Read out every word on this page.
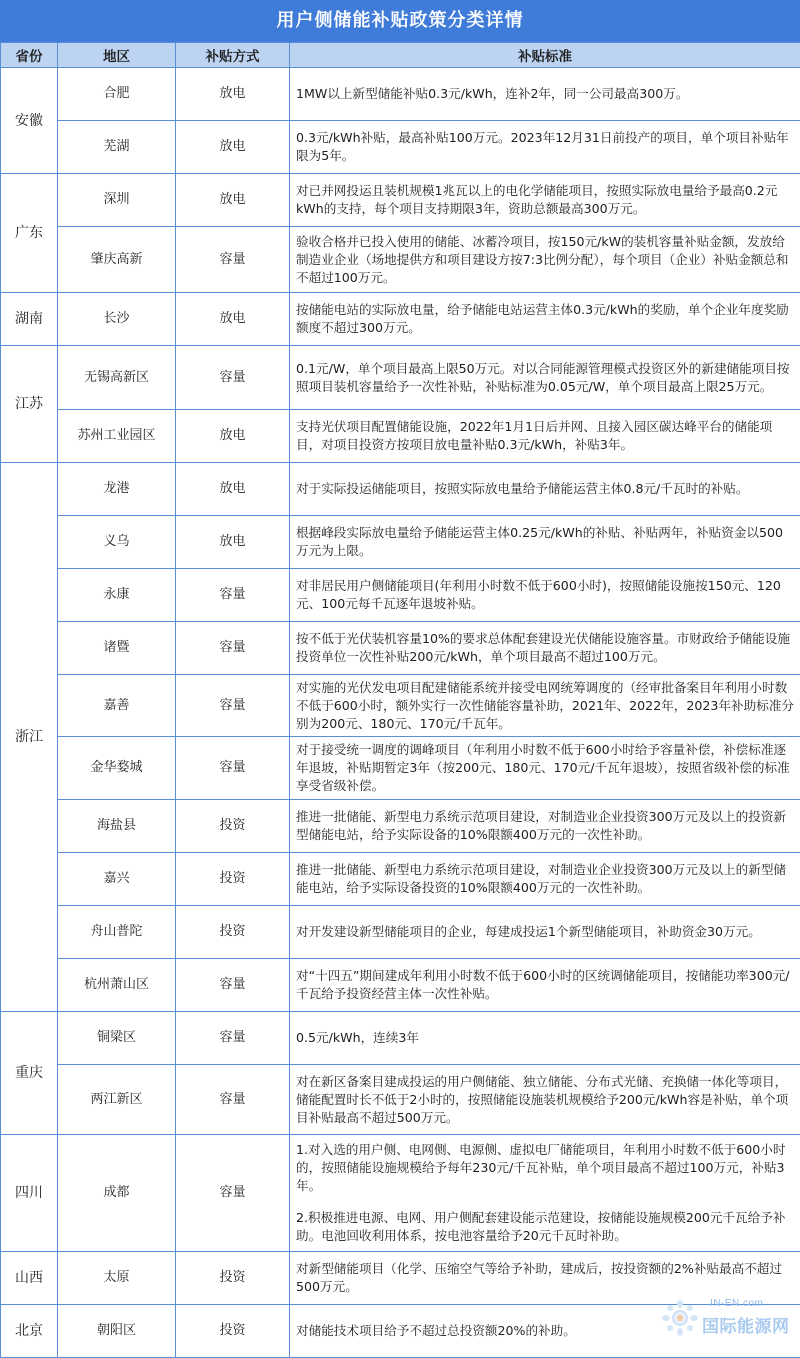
用户侧储能补贴政策分类详情
省份	地区	补贴方式	补贴标准
安徽	合肥	放电	1MW以上新型储能补贴0.3元/kWh，连补2年，同一公司最高300万。

	芜湖	放电	0.3元/kWh补贴，最高补贴100万元。2023年12月31日前投产的项目，单个项目补贴年限为5年。

广东	深圳	放电	对已并网投运且装机规模1兆瓦以上的电化学储能项目，按照实际放电量给予最高0.2元kWh的支持，每个项目支持期限3年，资助总额最高300万元。

	肇庆高新	容量	验收合格并已投入使用的储能、冰蓄冷项目，按150元/kW的装机容量补贴金额，发放给制造业企业（场地提供方和项目建设方按7:3比例分配），每个项目（企业）补贴金额总和不超过100万元。

湖南	长沙	放电	按储能电站的实际放电量，给予储能电站运营主体0.3元/kWh的奖励，单个企业年度奖励额度不超过300万元。

江苏	无锡高新区	容量	0.1元/W，单个项目最高上限50万元。对以合同能源管理模式投资区外的新建储能项目按照项目装机容量给予一次性补贴，补贴标准为0.05元/W，单个项目最高上限25万元。

	苏州工业园区	放电	支持光伏项目配置储能设施，2022年1月1日后并网、且接入园区碳达峰平台的储能项目，对项目投资方按项目放电量补贴0.3元/kWh，补贴3年。

浙江	龙港	放电	对于实际投运储能项目，按照实际放电量给予储能运营主体0.8元/千瓦时的补贴。

	义乌	放电	根据峰段实际放电量给予储能运营主体0.25元/kWh的补贴、补贴两年，补贴资金以500万元为上限。

	永康	容量	对非居民用户侧储能项目(年利用小时数不低于600小时)，按照储能设施按150元、120元、100元每千瓦逐年退坡补贴。

	诸暨	容量	按不低于光伏装机容量10%的要求总体配套建设光伏储能设施容量。市财政给予储能设施投资单位一次性补贴200元/kWh，单个项目最高不超过100万元。

	嘉善	容量	对实施的光伏发电项目配建储能系统并接受电网统筹调度的（经审批备案目年利用小时数不低于600小时，额外实行一次性储能容量补助，2021年、2022年，2023年补助标准分别为200元、180元、170元/千瓦年。

	金华婺城	容量	对于接受统一调度的调峰项目（年利用小时数不低于600小时给予容量补偿，补偿标准逐年退坡，补贴期暂定3年（按200元、180元、170元/千瓦年退坡），按照省级补偿的标准享受省级补偿。

	海盐县	投资	推进一批储能、新型电力系统示范项目建设，对制造业企业投资300万元及以上的投资新型储能电站，给予实际设备的10%限额400万元的一次性补助。

	嘉兴	投资	推进一批储能、新型电力系统示范项目建设，对制造业企业投资300万元及以上的新型储能电站，给予实际设备投资的10%限额400万元的一次性补助。

	舟山普陀	投资	对开发建设新型储能项目的企业，每建成投运1个新型储能项目，补助资金30万元。

	杭州萧山区	容量	对“十四五”期间建成年利用小时数不低于600小时的区统调储能项目，按储能功率300元/千瓦给予投资经营主体一次性补贴。

重庆	铜梁区	容量	0.5元/kWh，连续3年

	两江新区	容量	对在新区备案目建成投运的用户侧储能、独立储能、分布式光储、充换储一体化等项目，储能配置时长不低于2小时的，按照储能设施装机规模给予200元/kWh容是补贴，单个项目补贴最高不超过500万元。

四川	成都	容量	1.对入选的用户侧、电网侧、电源侧、虚拟电厂储能项目，年利用小时数不低于600小时的，按照储能设施规模给予每年230元/千瓦补贴，单个项目最高不超过100万元，补贴3年。
2.积极推进电源、电网、用户侧配套建设能示范建设，按储能设施规模200元千瓦给予补助。电池回收利用体系，按电池容量给予20元千瓦时补助。

山西	太原	投资	对新型储能项目（化学、压缩空气等给予补助，建成后，按投资额的2%补贴最高不超过500万元。

北京	朝阳区	投资	对储能技术项目给予不超过总投资额20%的补助。
IN-EN.com
国际能源网
